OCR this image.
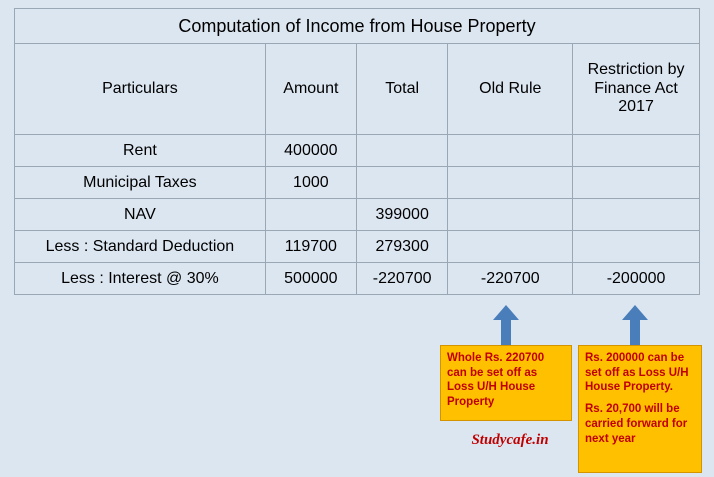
Computation of Income from House Property				
Particulars	Amount	Total	Old Rule	Restriction by Finance Act 2017
Rent	400000			
Municipal Taxes	1000			
NAV		399000		
Less : Standard Deduction	119700	279300		
Less : Interest @ 30%	500000	-220700	-220700	-200000
Whole Rs. 220700 can be set off as Loss U/H House Property
Rs. 200000 can be set off as Loss U/H House Property.
Rs. 20,700 will be carried forward for next year
Studycafe.in
